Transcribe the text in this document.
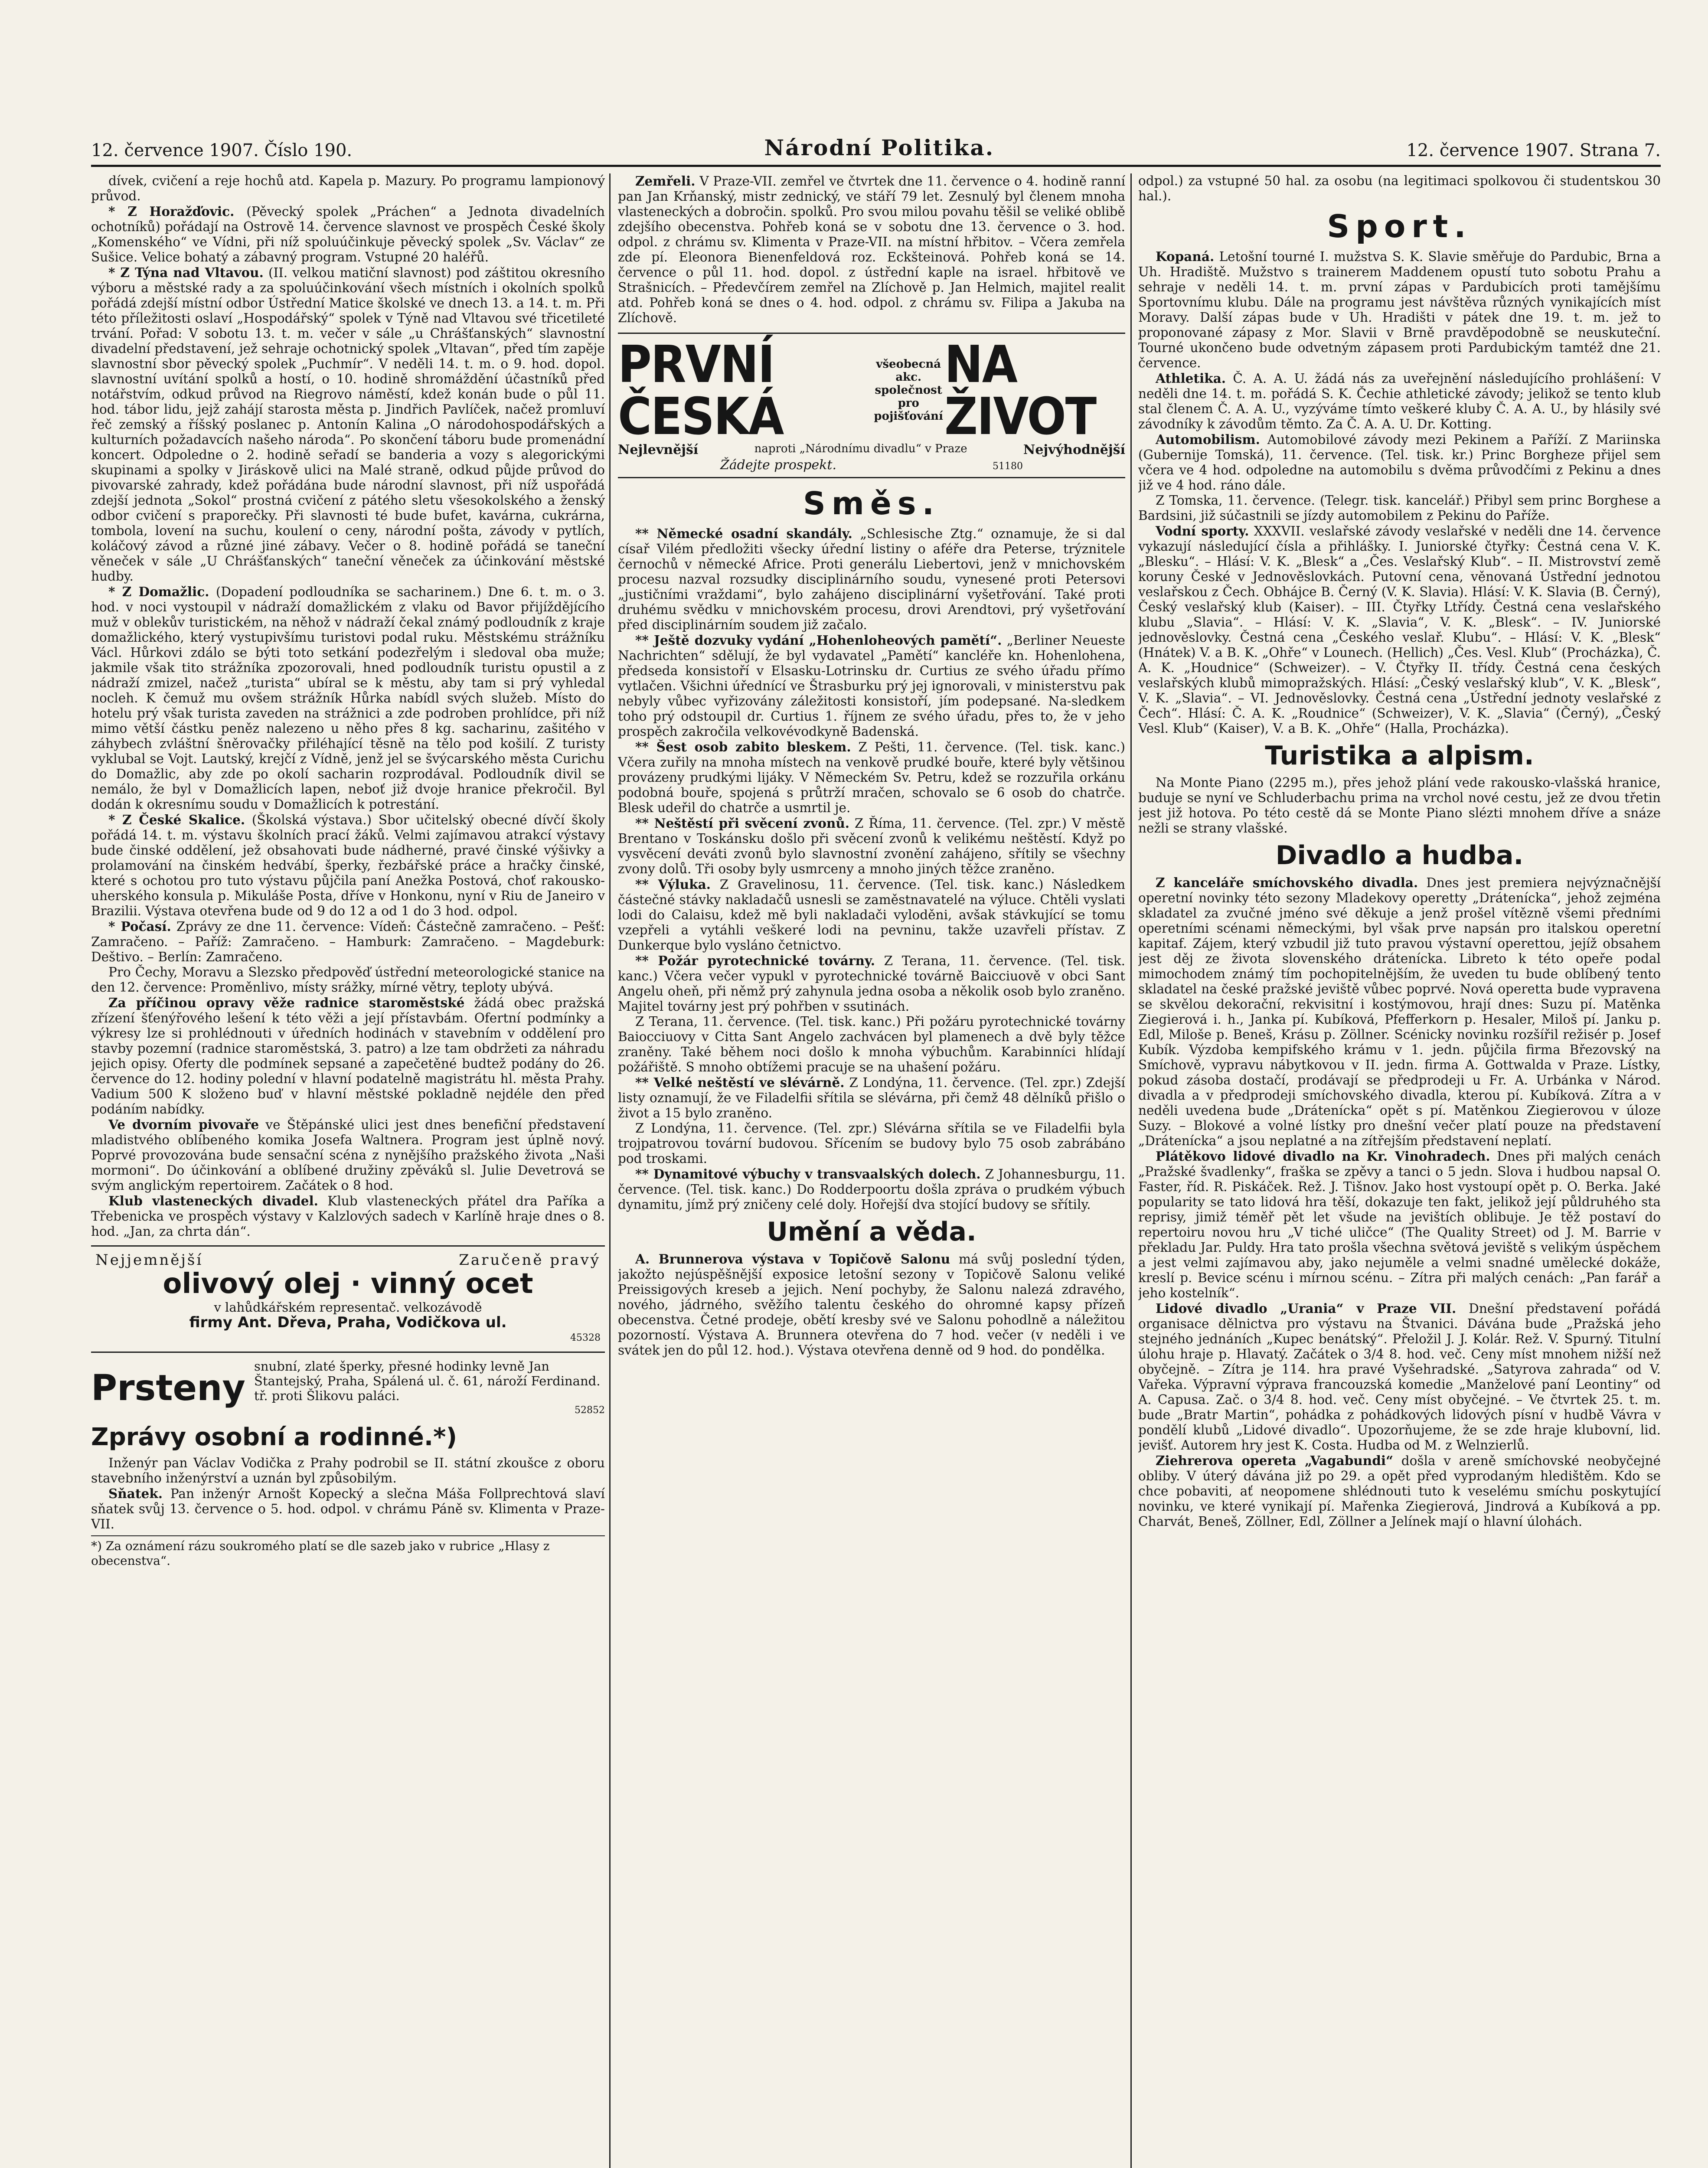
12. července 1907. Číslo 190.	Národní Politika.	12. července 1907. Strana 7.

dívek, cvičení a reje hochů atd. Kapela p. Mazury. Po programu lampionový průvod.

* Z Horažďovic. (Pěvecký spolek „Práchen“ a Jednota divadelních ochotníků) pořádají na Ostrově 14. července slavnost ve prospěch České školy „Komenského“ ve Vídni, při níž spoluúčinkuje pěvecký spolek „Sv. Václav“ ze Sušice. Velice bohatý a zábavný program. Vstupné 20 haléřů.

* Z Týna nad Vltavou. (II. velkou matiční slavnost) pod záštitou okresního výboru a městské rady a za spoluúčinkování všech místních i okolních spolků pořádá zdejší místní odbor Ústřední Matice školské ve dnech 13. a 14. t. m. Při této příležitosti oslaví „Hospodářský“ spolek v Týně nad Vltavou své třicetileté trvání. Pořad: V sobotu 13. t. m. večer v sále „u Chrášťanských“ slavnostní divadelní představení, jež sehraje ochotnický spolek „Vltavan“, před tím zapěje slavnostní sbor pěvecký spolek „Puchmír“. V neděli 14. t. m. o 9. hod. dopol. slavnostní uvítání spolků a hostí, o 10. hodině shromáždění účastníků před notářstvím, odkud průvod na Riegrovo náměstí, kdež konán bude o půl 11. hod. tábor lidu, jejž zahájí starosta města p. Jindřich Pavlíček, načež promluví řeč zemský a říšský poslanec p. Antonín Kalina „O národohospodářských a kulturních požadavcích našeho národa“. Po skončení táboru bude promenádní koncert. Odpoledne o 2. hodině seřadí se banderia a vozy s alegorickými skupinami a spolky v Jiráskově ulici na Malé straně, odkud půjde průvod do pivovarské zahrady, kdež pořádána bude národní slavnost, při níž uspořádá zdejší jednota „Sokol“ prostná cvičení z pátého sletu všesokolského a ženský odbor cvičení s praporečky. Při slavnosti té bude bufet, kavárna, cukrárna, tombola, lovení na suchu, koulení o ceny, národní pošta, závody v pytlích, koláčový závod a různé jiné zábavy. Večer o 8. hodině pořádá se taneční věneček v sále „U Chrášťanských“ taneční věneček za účinkování městské hudby.

* Z Domažlic. (Dopadení podloudníka se sacharinem.) Dne 6. t. m. o 3. hod. v noci vystoupil v nádraží domažlickém z vlaku od Bavor přijíždějícího muž v oblekův turistickém, na něhož v nádraží čekal známý podloudník z kraje domažlického, který vystupivšímu turistovi podal ruku. Městskému strážníku Václ. Hůrkovi zdálo se býti toto setkání podezřelým i sledoval oba muže; jakmile však tito strážníka zpozorovali, hned podloudník turistu opustil a z nádraží zmizel, načež „turista“ ubíral se k městu, aby tam si prý vyhledal nocleh. K čemuž mu ovšem strážník Hůrka nabídl svých služeb. Místo do hotelu prý však turista zaveden na strážnici a zde podroben prohlídce, při níž mimo větší částku peněz nalezeno u něho přes 8 kg. sacharinu, zašitého v záhybech zvláštní šněrovačky přiléhající těsně na tělo pod košilí. Z turisty vyklubal se Vojt. Lautský, krejčí z Vídně, jenž jel se švýcarského města Curichu do Domažlic, aby zde po okolí sacharin rozprodával. Podloudník divil se nemálo, že byl v Domažlicích lapen, neboť již dvoje hranice překročil. Byl dodán k okresnímu soudu v Domažlicích k potrestání.

* Z České Skalice. (Školská výstava.) Sbor učitelský obecné dívčí školy pořádá 14. t. m. výstavu školních prací žáků. Velmi zajímavou atrakcí výstavy bude činské oddělení, jež obsahovati bude nádherné, pravé činské výšivky a prolamování na činském hedvábí, šperky, řezbářské práce a hračky činské, které s ochotou pro tuto výstavu půjčila paní Anežka Postová, choť rakousko-uherského konsula p. Mikuláše Posta, dříve v Honkonu, nyní v Riu de Janeiro v Brazilii. Výstava otevřena bude od 9 do 12 a od 1 do 3 hod. odpol.

* Počasí. Zprávy ze dne 11. července: Vídeň: Částečně zamračeno. – Pešť: Zamračeno. – Paříž: Zamračeno. – Hamburk: Zamračeno. – Magdeburk: Deštivo. – Berlín: Zamračeno.

Pro Čechy, Moravu a Slezsko předpověď ústřední meteorologické stanice na den 12. července: Proměnlivo, místy srážky, mírné větry, teploty ubývá.

Za příčinou opravy věže radnice staroměstské žádá obec pražská zřízení šťenýřového lešení k této věži a její přístavbám. Ofertní podmínky a výkresy lze si prohlédnouti v úředních hodinách v stavebním v oddělení pro stavby pozemní (radnice staroměstská, 3. patro) a lze tam obdržeti za náhradu jejich opisy. Oferty dle podmínek sepsané a zapečetěné budtež podány do 26. července do 12. hodiny polední v hlavní podatelně magistrátu hl. města Prahy. Vadium 500 K složeno buď v hlavní městské pokladně nejdéle den před podáním nabídky.

Ve dvorním pivovaře ve Štěpánské ulici jest dnes benefiční představení mladistvého oblíbeného komika Josefa Waltnera. Program jest úplně nový. Poprvé provozována bude sensační scéna z nynějšího pražského života „Naši mormoni“. Do účinkování a oblíbené družiny zpěváků sl. Julie Devetrová se svým anglickým repertoirem. Začátek o 8 hod.

Klub vlasteneckých divadel. Klub vlasteneckých přátel dra Paříka a Třebenicka ve prospěch výstavy v Kalzlových sadech v Karlíně hraje dnes o 8. hod. „Jan, za chrta dán“.

Nejjemnější	Zaručeně pravý
olivový olej · vinný ocet
v lahůdkářském representač. velkozávodě
firmy Ant. Dřeva, Praha, Vodičkova ul.
45328
Prsteny
snubní, zlaté šperky, přesné hodinky levně Jan Štantejský, Praha, Spálená ul. č. 61, nároží Ferdinand. tř. proti Šlikovu paláci.
52852
Zprávy osobní a rodinné.*)

Inženýr pan Václav Vodička z Prahy podrobil se II. státní zkoušce z oboru stavebního inženýrství a uznán byl způsobilým.

Sňatek. Pan inženýr Arnošt Kopecký a slečna Máša Follprechtová slaví sňatek svůj 13. července o 5. hod. odpol. v chrámu Páně sv. Klimenta v Praze-VII.

*) Za oznámení rázu soukromého platí se dle sazeb jako v rubrice „Hlasy z obecenstva“.

Zemřeli. V Praze-VII. zemřel ve čtvrtek dne 11. července o 4. hodině ranní pan Jan Krňanský, mistr zednický, ve stáří 79 let. Zesnulý byl členem mnoha vlasteneckých a dobročin. spolků. Pro svou milou povahu těšil se veliké oblibě zdejšího obecenstva. Pohřeb koná se v sobotu dne 13. července o 3. hod. odpol. z chrámu sv. Klimenta v Praze-VII. na místní hřbitov. – Včera zemřela zde pí. Eleonora Bienenfeldová roz. Eckšteinová. Pohřeb koná se 14. července o půl 11. hod. dopol. z ústřední kaple na israel. hřbitově ve Strašnicích. – Předevčírem zemřel na Zlíchově p. Jan Helmich, majitel realit atd. Pohřeb koná se dnes o 4. hod. odpol. z chrámu sv. Filipa a Jakuba na Zlíchově.

PRVNÍ ČESKÁ
všeobecná akc.
společnost pro
pojišťování
NA ŽIVOT
Nejlevnější	naproti „Národnímu divadlu“ v Praze	Nejvýhodnější
Žádejte prospekt.	51180
Směs.

** Německé osadní skandály. „Schlesische Ztg.“ oznamuje, že si dal císař Vilém předložiti všecky úřední listiny o aféře dra Peterse, trýznitele černochů v německé Africe. Proti generálu Liebertovi, jenž v mnichovském procesu nazval rozsudky disciplinárního soudu, vynesené proti Petersovi „justičními vraždami“, bylo zahájeno disciplinární vyšetřování. Také proti druhému svědku v mnichovském procesu, drovi Arendtovi, prý vyšetřování před disciplinárním soudem již začalo.

** Ještě dozvuky vydání „Hohenloheových pamětí“. „Berliner Neueste Nachrichten“ sdělují, že byl vydavatel „Pamětí“ kancléře kn. Hohenlohena, předseda konsistoří v Elsasku-Lotrinsku dr. Curtius ze svého úřadu přímo vytlačen. Všichni úřednící ve Štrasburku prý jej ignorovali, v ministerstvu pak nebyly vůbec vyřizovány záležitosti konsistoří, jím podepsané. Na-sledkem toho prý odstoupil dr. Curtius 1. říjnem ze svého úřadu, přes to, že v jeho prospěch zakročila velkovévodkyně Badenská.

** Šest osob zabito bleskem. Z Pešti, 11. července. (Tel. tisk. kanc.) Včera zuřily na mnoha místech na venkově prudké bouře, které byly většinou provázeny prudkými lijáky. V Německém Sv. Petru, kdež se rozzuřila orkánu podobná bouře, spojená s průtrží mračen, schovalo se 6 osob do chatrče. Blesk udeřil do chatrče a usmrtil je.

** Neštěstí při svěcení zvonů. Z Říma, 11. července. (Tel. zpr.) V městě Brentano v Toskánsku došlo při svěcení zvonů k velikému neštěstí. Když po vysvěcení deváti zvonů bylo slavnostní zvonění zahájeno, sřítily se všechny zvony dolů. Tři osoby byly usmrceny a mnoho jiných těžce zraněno.

** Výluka. Z Gravelinosu, 11. července. (Tel. tisk. kanc.) Následkem částečné stávky nakladačů usnesli se zaměstnavatelé na výluce. Chtěli vyslati lodi do Calaisu, kdež mě byli nakladači vyloděni, avšak stávkující se tomu vzepřeli a vytáhli veškeré lodi na pevninu, takže uzavřeli přístav. Z Dunkerque bylo vysláno četnictvo.

** Požár pyrotechnické továrny. Z Terana, 11. července. (Tel. tisk. kanc.) Včera večer vypukl v pyrotechnické továrně Baicciuově v obci Sant Angelu oheň, při němž prý zahynula jedna osoba a několik osob bylo zraněno. Majitel továrny jest prý pohřben v ssutinách.

Z Terana, 11. července. (Tel. tisk. kanc.) Při požáru pyrotechnické továrny Baiocciuovy v Citta Sant Angelo zachvácen byl plamenech a dvě byly těžce zraněny. Také během noci došlo k mnoha výbuchům. Karabinníci hlídají požářiště. S mnoho obtížemi pracuje se na uhašení požáru.

** Velké neštěstí ve slévárně. Z Londýna, 11. července. (Tel. zpr.) Zdejší listy oznamují, že ve Filadelfii sřítila se slévárna, při čemž 48 dělníků přišlo o život a 15 bylo zraněno.

Z Londýna, 11. července. (Tel. zpr.) Slévárna sřítila se ve Filadelfii byla trojpatrovou tovární budovou. Sřícením se budovy bylo 75 osob zabrábáno pod troskami.

** Dynamitové výbuchy v transvaalských dolech. Z Johannesburgu, 11. července. (Tel. tisk. kanc.) Do Rodderpoortu došla zpráva o prudkém výbuch dynamitu, jímž prý zničeny celé doly. Hořejší dva stojící budovy se sřítily.

Umění a věda.

A. Brunnerova výstava v Topičově Salonu má svůj poslední týden, jakožto nejúspěšnější exposice letošní sezony v Topičově Salonu veliké Preissigových kreseb a jejich. Není pochyby, že Salonu nalezá zdravého, nového, jádrného, svěžího talentu českého do ohromné kapsy přízeň obecenstva. Četné prodeje, obětí kresby své ve Salonu pohodlně a náležitou pozorností. Výstava A. Brunnera otevřena do 7 hod. večer (v neděli i ve svátek jen do půl 12. hod.). Výstava otevřena denně od 9 hod. do pondělka.

odpol.) za vstupné 50 hal. za osobu (na legitimaci spolkovou či studentskou 30 hal.).

Sport.

Kopaná. Letošní tourné I. mužstva S. K. Slavie směřuje do Pardubic, Brna a Uh. Hradiště. Mužstvo s trainerem Maddenem opustí tuto sobotu Prahu a sehraje v neděli 14. t. m. první zápas v Pardubicích proti tamějšímu Sportovnímu klubu. Dále na programu jest návštěva různých vynikajících míst Moravy. Další zápas bude v Uh. Hradišti v pátek dne 19. t. m. jež to proponované zápasy z Mor. Slavii v Brně pravděpodobně se neuskuteční. Tourné ukončeno bude odvetným zápasem proti Pardubickým tamtéž dne 21. července.

Athletika. Č. A. A. U. žádá nás za uveřejnění následujícího prohlášení: V neděli dne 14. t. m. pořádá S. K. Čechie athletické závody; jelikož se tento klub stal členem Č. A. A. U., vyzýváme tímto veškeré kluby Č. A. A. U., by hlásily své závodníky k závodům těmto. Za Č. A. A. U. Dr. Kotting.

Automobilism. Automobilové závody mezi Pekinem a Paříží. Z Mariinska (Gubernije Tomská), 11. července. (Tel. tisk. kr.) Princ Borgheze přijel sem včera ve 4 hod. odpoledne na automobilu s dvěma průvodčími z Pekinu a dnes již ve 4 hod. ráno dále.

Z Tomska, 11. července. (Telegr. tisk. kancelář.) Přibyl sem princ Borghese a Bardsini, již súčastnili se jízdy automobilem z Pekinu do Paříže.

Vodní sporty. XXXVII. veslařské závody veslařské v neděli dne 14. července vykazují následující čísla a přihlášky. I. Juniorské čtyřky: Čestná cena V. K. „Blesku“. – Hlásí: V. K. „Blesk“ a „Čes. Veslařský Klub“. – II. Mistrovství země koruny České v Jednověslovkách. Putovní cena, věnovaná Ústřední jednotou veslařskou z Čech. Obhájce B. Černý (V. K. Slavia). Hlásí: V. K. Slavia (B. Černý), Český veslařský klub (Kaiser). – III. Čtyřky Ltřídy. Čestná cena veslařského klubu „Slavia“. – Hlásí: V. K. „Slavia“, V. K. „Blesk“. – IV. Juniorské jednověslovky. Čestná cena „Českého veslař. Klubu“. – Hlásí: V. K. „Blesk“ (Hnátek) V. a B. K. „Ohře“ v Lounech. (Hellich) „Čes. Vesl. Klub“ (Procházka), Č. A. K. „Houdnice“ (Schweizer). – V. Čtyřky II. třídy. Čestná cena českých veslařských klubů mimopražských. Hlásí: „Český veslařský klub“, V. K. „Blesk“, V. K. „Slavia“. – VI. Jednověslovky. Čestná cena „Ústřední jednoty veslařské z Čech“. Hlásí: Č. A. K. „Roudnice“ (Schweizer), V. K. „Slavia“ (Černý), „Český Vesl. Klub“ (Kaiser), V. a B. K. „Ohře“ (Halla, Procházka).

Turistika a alpism.

Na Monte Piano (2295 m.), přes jehož plání vede rakousko-vlašská hranice, buduje se nyní ve Schluderbachu prima na vrchol nové cestu, jež ze dvou třetin jest již hotova. Po této cestě dá se Monte Piano slézti mnohem dříve a snáze nežli se strany vlašské.

Divadlo a hudba.

Z kanceláře smíchovského divadla. Dnes jest premiera nejvýznačnější operetní novinky této sezony Mladekovy operetty „Drátenícka“, jehož zejména skladatel za zvučné jméno své děkuje a jenž prošel vítězně všemi předními operetními scénami německými, byl však prve napsán pro italskou operetní kapitaf. Zájem, který vzbudil již tuto pravou výstavní operettou, jejíž obsahem jest děj ze života slovenského drátenícka. Libreto k této opeře podal mimochodem známý tím pochopitelnějším, že uveden tu bude oblíbený tento skladatel na české pražské jeviště vůbec poprvé. Nová operetta bude vypravena se skvělou dekorační, rekvisitní i kostýmovou, hrají dnes: Suzu pí. Matěnka Ziegierová i. h., Janka pí. Kubíková, Pfefferkorn p. Hesaler, Miloš pí. Janku p. Edl, Miloše p. Beneš, Krásu p. Zöllner. Scénicky novinku rozšířil režisér p. Josef Kubík. Výzdoba kempifského krámu v 1. jedn. půjčila firma Březovský na Smíchově, vypravu nábytkovou v II. jedn. firma A. Gottwalda v Praze. Lístky, pokud zásoba dostačí, prodávají se předprodeji u Fr. A. Urbánka v Národ. divadla a v předprodeji smíchovského divadla, kterou pí. Kubíková. Zítra a v neděli uvedena bude „Drátenícka“ opět s pí. Matěnkou Ziegierovou v úloze Suzy. – Blokové a volné lístky pro dnešní večer platí pouze na představení „Drátenícka“ a jsou neplatné a na zítřejším představení neplatí.

Plátěkovo lidové divadlo na Kr. Vinohradech. Dnes při malých cenách „Pražské švadlenky“, fraška se zpěvy a tanci o 5 jedn. Slova i hudbou napsal O. Faster, říd. R. Piskáček. Rež. J. Tišnov. Jako host vystoupí opět p. O. Berka. Jaké popularity se tato lidová hra těší, dokazuje ten fakt, jelikož její půldruhého sta reprisy, jimiž téměř pět let všude na jevištích oblibuje. Je těž postaví do repertoiru novou hru „V tiché uličce“ (The Quality Street) od J. M. Barrie v překladu Jar. Puldy. Hra tato prošla všechna světová jeviště s velikým úspěchem a jest velmi zajímavou aby, jako nejuměle a velmi snadné umělecké dokáže, kreslí p. Bevice scénu i mírnou scénu. – Zítra při malých cenách: „Pan farář a jeho kostelník“.

Lidové divadlo „Urania“ v Praze VII. Dnešní představení pořádá organisace dělnictva pro výstavu na Štvanici. Dávána bude „Pražská jeho stejného jednáních „Kupec benátský“. Přeložil J. J. Kolár. Rež. V. Spurný. Titulní úlohu hraje p. Hlavatý. Začátek o 3/4 8. hod. več. Ceny míst mnohem nižší než obyčejně. – Zítra je 114. hra pravé Vyšehradské. „Satyrova zahrada“ od V. Vařeka. Výpravní výprava francouzská komedie „Manželové paní Leontiny“ od A. Capusa. Zač. o 3/4 8. hod. več. Ceny míst obyčejné. – Ve čtvrtek 25. t. m. bude „Bratr Martin“, pohádka z pohádkových lidových písní v hudbě Vávra v pondělí klubů „Lidové divadlo“. Upozorňujeme, že se zde hraje klubovní, lid. jevišť. Autorem hry jest K. Costa. Hudba od M. z Welnzierlů.

Ziehrerova opereta „Vagabundi“ došla v areně smíchovské neobyčejné obliby. V úterý dávána již po 29. a opět před vyprodaným hledištěm. Kdo se chce pobaviti, ať neopomene shlédnouti tuto k veselému smíchu poskytující novinku, ve které vynikají pí. Mařenka Ziegierová, Jindrová a Kubíková a pp. Charvát, Beneš, Zöllner, Edl, Zöllner a Jelínek mají o hlavní úlohách.
